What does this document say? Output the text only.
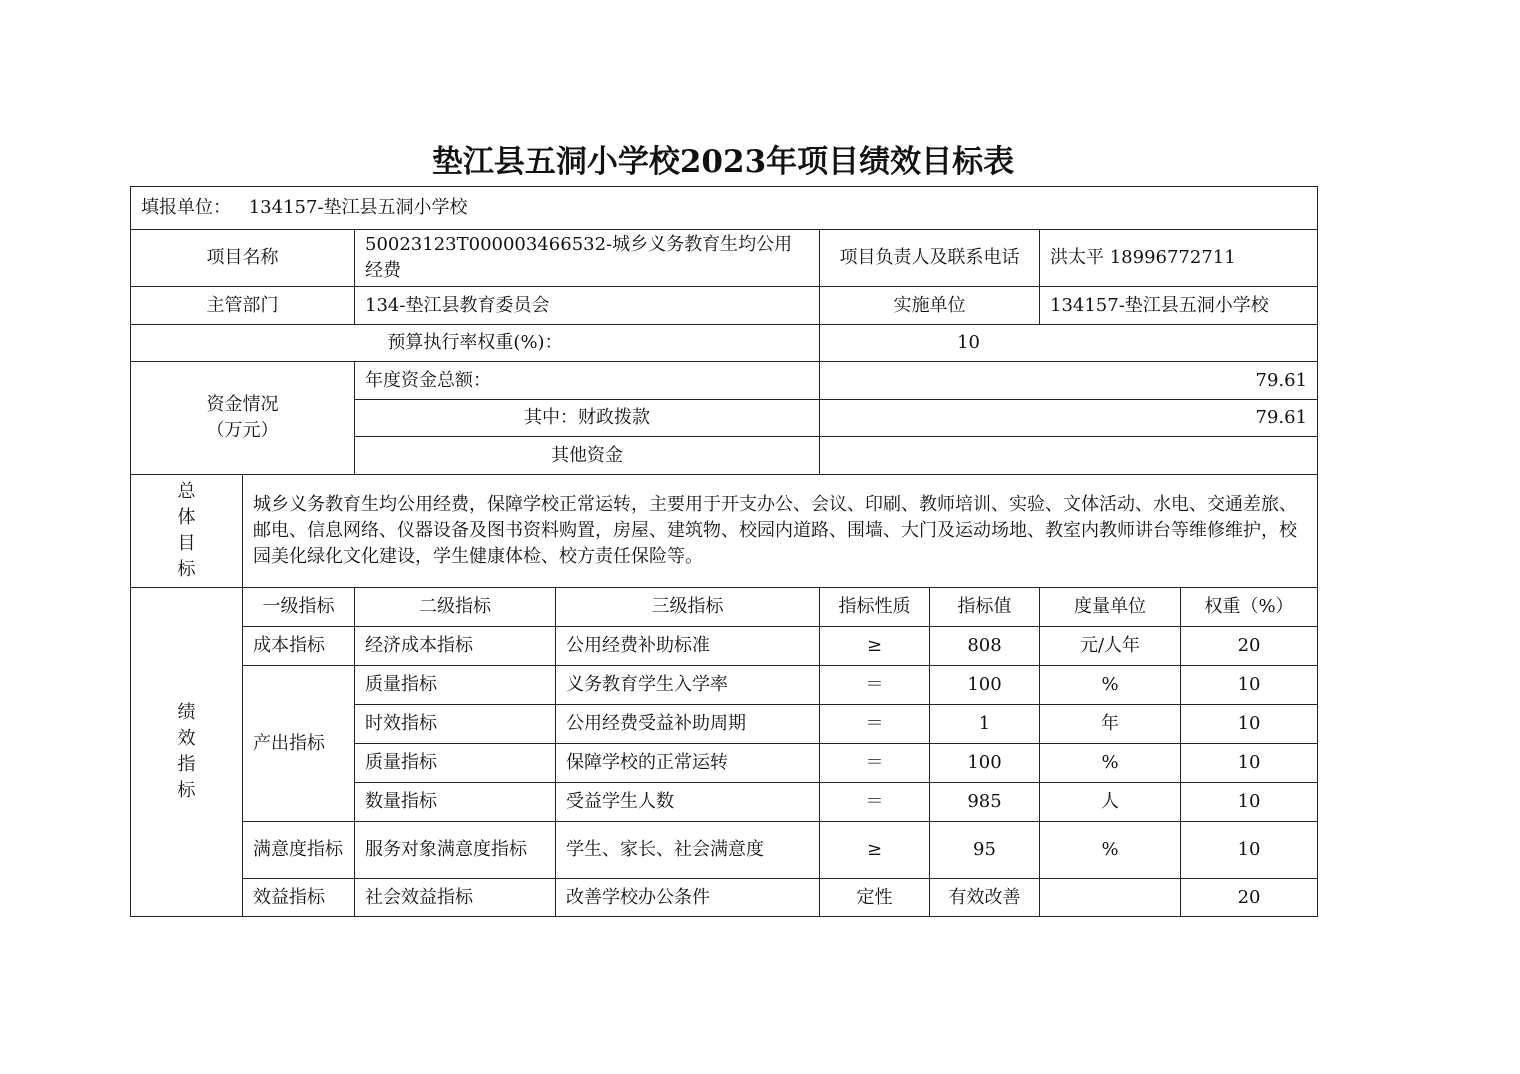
垫江县五洞小学校2023年项目绩效目标表
填报单位： 134157-垫江县五洞小学校							
项目名称		50023123T000003466532-城乡义务教育生均公用经费		项目负责人及联系电话		洪太平 18996772711	
主管部门		134-垫江县教育委员会		实施单位		134157-垫江县五洞小学校	
预算执行率权重(%)：				10			

资金情况
（万元）		年度资金总额：		79.61			
		其中：财政拨款		79.61			
		其他资金					

总
体
目
标	城乡义务教育生均公用经费，保障学校正常运转，主要用于开支办公、会议、印刷、教师培训、实验、文体活动、水电、交通差旅、邮电、信息网络、仪器设备及图书资料购置，房屋、建筑物、校园内道路、围墙、大门及运动场地、教室内教师讲台等维修维护，校园美化绿化文化建设，学生健康体检、校方责任保险等。						

绩
效
指
标	一级指标	二级指标	三级指标	指标性质	指标值	度量单位	权重（%）
	成本指标	经济成本指标	公用经费补助标准	≥	808	元/人年	20
	产出指标	质量指标	义务教育学生入学率	＝	100	%	10
		时效指标	公用经费受益补助周期	＝	1	年	10
		质量指标	保障学校的正常运转	＝	100	%	10
		数量指标	受益学生人数	＝	985	人	10
	满意度指标	服务对象满意度指标	学生、家长、社会满意度	≥	95	%	10
	效益指标	社会效益指标	改善学校办公条件	定性	有效改善		20
